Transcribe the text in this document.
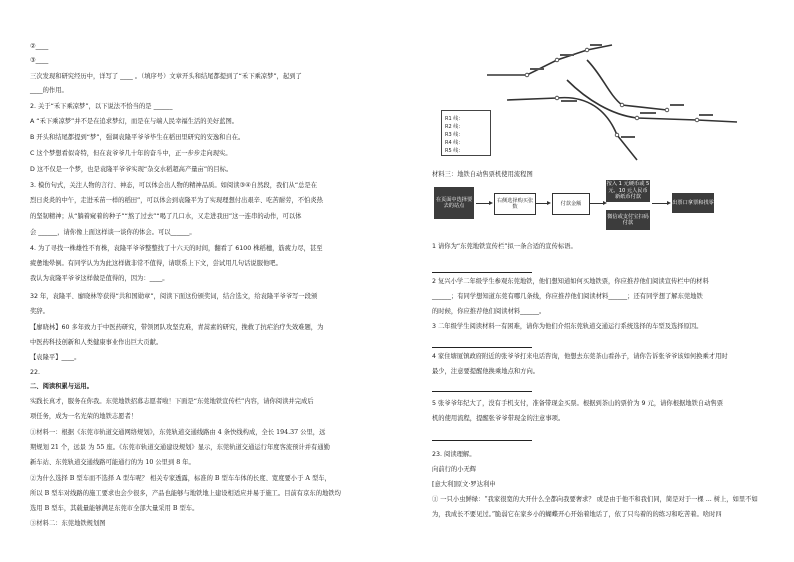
②____
③____
三次发现和研究经历中，详写了 ____ 。（填序号）文章开头和结尾都提到了“禾下乘凉梦”，起到了
____的作用。
2. 关于“禾下乘凉梦”，以下说法不恰当的是 ______
A “禾下乘凉梦”并不是在追求梦幻，而是在与端人民幸福生活的美好蓝图。
B 开头和结尾都提到“梦”，强调袁隆平爷爷毕生在稻田里研究的安逸和自在。
C 这个梦想看似奇特，但在袁爷爷几十年的奋斗中，正一步步走向现实。
D 这不仅是一个梦，也是袁隆平爷爷实现“杂交水稻超高产量亩”的目标。
3. 模仿句式，关注人物的言行、神态，可以体会出人物的精神品质。如阅读③④自然段，我们从“总是在
烈日炎炎的中午，走进禾苗一样的稻田”，可以体会到袁隆平为了实现理想付出艰辛、吃苦耐劳，不怕炎热
的坚韧精神；从“躺着窥着的种子”“熬了过去”“喝了几口水，又走进我田”这一连串的动作，可以体
会 ______，请你像上面这样谈一谈你的体会。可以______。
4. 为了寻找一株雄性不育株，袁隆平爷爷整整找了十六天的时间，翻看了 6100 株稻穗，筋疲力尽，甚至
疲惫地晕倒。有同学认为为此这样做非常不值得，请联系上下文，尝试用几句话说服他吧。
我认为袁隆平爷爷这样做是值得的，因为：____。
32 年，袁隆平、廖晓林等获得“共和国勋章”，阅读下面这份颁奖词，结合选文，给袁隆平爷爷写一段颁
奖辞。
【廖晓林】60 多年致力于中医药研究，带领团队攻坚克难，青蒿素的研究，挽救了抗疟治疗失效难题，为
中医药科技创新和人类健康事业作出巨大贡献。
【袁隆平】____。
22.
二、阅读积累与运用。
实践长真才，服务在你我。东莞地铁招募志愿者啦！下面是“东莞地铁宣传栏”内容，请你阅读并完成后
项任务，成为一名光荣的地铁志愿者！
①材料一：根据《东莞市轨道交通网络规划》，东莞轨道交通线路由 4 条快线构成，全长 194.37 公里，远
期规划 21 个，远景 为 55 座。《东莞市轨道交通建设规划》显示，东莞轨道交通运行年度客流预计并有通勤
新车站、东莞轨道交通线路可能通行的为 10 公里到 8 年。
②为什么选择 B 型车而不选择 A 型车呢？ 相关专家透露，标准的 B 型车车体的长度、宽度要小于 A 型车，
所以 B 型车对线路的施工要求也会少很多，产品也能够与地铁地上建设相适应并易于施工。目前有京东的地铁均
选用 B 型车，其载量能够满足东莞市全部大量采用 B 型车。
③材料二：东莞地铁规划图
R1 线：
R2 线：
R3 线：
R4 线：
R5 线：
材料三：地铁自动售票机使用流程图
在页面中选择要去的站点
右侧选择购买张数
付款金额
按入 1 元硬币或 5 元、10 元人民币新纸币付款
微信或支付宝扫码付款
出票口拿票和找零
1 请你为“东莞地铁宣传栏”拟一条合适的宣传标语。
2 复兴小学二年级学生参观东莞地铁，他们想知道如何买地铁票，你应推荐他们阅读宣传栏中的材料
______；有同学想知道东莞有哪几条线，你应推荐他们阅读材料______；还有同学想了解东莞地铁
的时候，你应推荐他们阅读材料______。
3 二年级学生阅读材料一有困难，请你为他们介绍东莞轨道交通运行系统选择的车型及选择原因。
4 家住塘厦镇政府附近的张爷爷打来电话咨询，他想去东莞茶山看孙子，请你告诉张爷爷该如何换乘才用时
最少，注意要提醒他换乘地点和方向。
5 张爷爷年纪大了，没有手机支付，准备带现金买票。根据到茶山的票价为 9 元，请你根据地铁自动售票
机的使用流程，提醒张爷爷带现金的注意事项。
23. 阅读理解。
向前行的小无辉
[意大利]原文·罗达利申
① 一只小虫鲜绿：“我家很宽的大开什么全都向我要奢求？ 或是由于他不和我们同，简是对于一棵 ... 树上，如里不如
为，我成长不要见过。”脆弱它在家乡小的蝴蝶开心开始着地话了，依了只鸟着的的练习和吃苦着。啥时四
